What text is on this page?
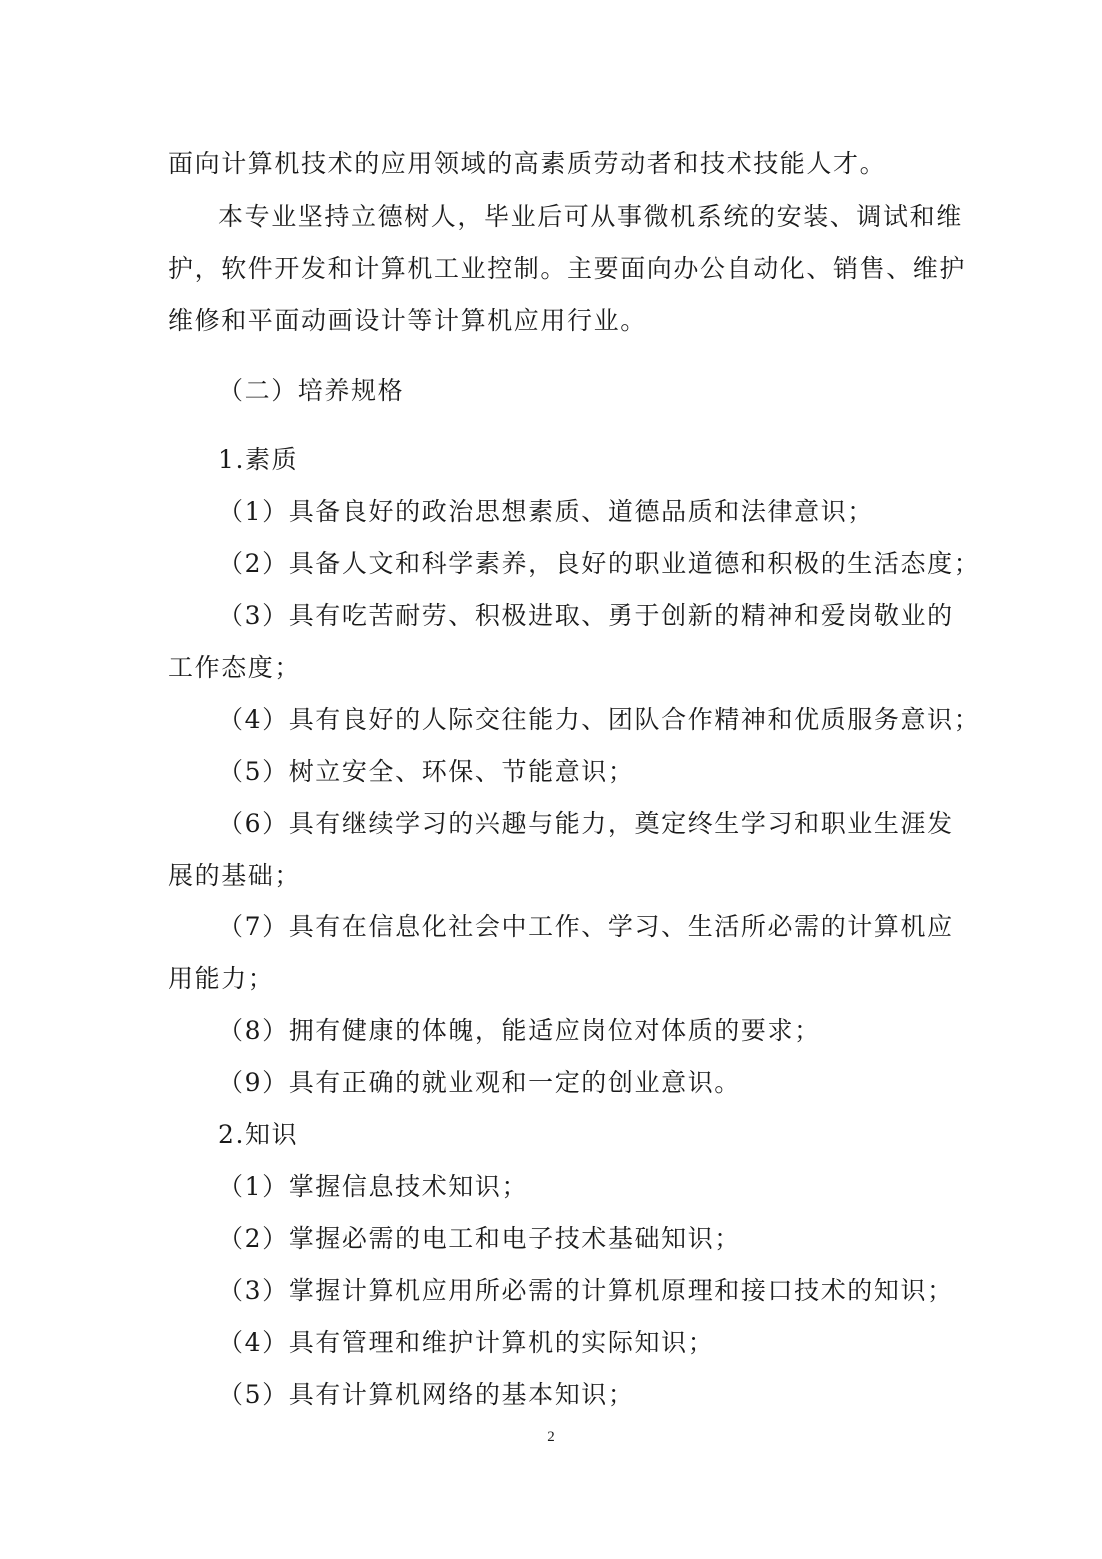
面向计算机技术的应用领域的高素质劳动者和技术技能人才。
本专业坚持立德树人，毕业后可从事微机系统的安装、调试和维
护，软件开发和计算机工业控制。主要面向办公自动化、销售、维护
维修和平面动画设计等计算机应用行业。
（二）培养规格
1.素质
（1）具备良好的政治思想素质、道德品质和法律意识；
（2）具备人文和科学素养，良好的职业道德和积极的生活态度；
（3）具有吃苦耐劳、积极进取、勇于创新的精神和爱岗敬业的
工作态度；
（4）具有良好的人际交往能力、团队合作精神和优质服务意识；
（5）树立安全、环保、节能意识；
（6）具有继续学习的兴趣与能力，奠定终生学习和职业生涯发
展的基础；
（7）具有在信息化社会中工作、学习、生活所必需的计算机应
用能力；
（8）拥有健康的体魄，能适应岗位对体质的要求；
（9）具有正确的就业观和一定的创业意识。
2.知识
（1）掌握信息技术知识；
（2）掌握必需的电工和电子技术基础知识；
（3）掌握计算机应用所必需的计算机原理和接口技术的知识；
（4）具有管理和维护计算机的实际知识；
（5）具有计算机网络的基本知识；
2
